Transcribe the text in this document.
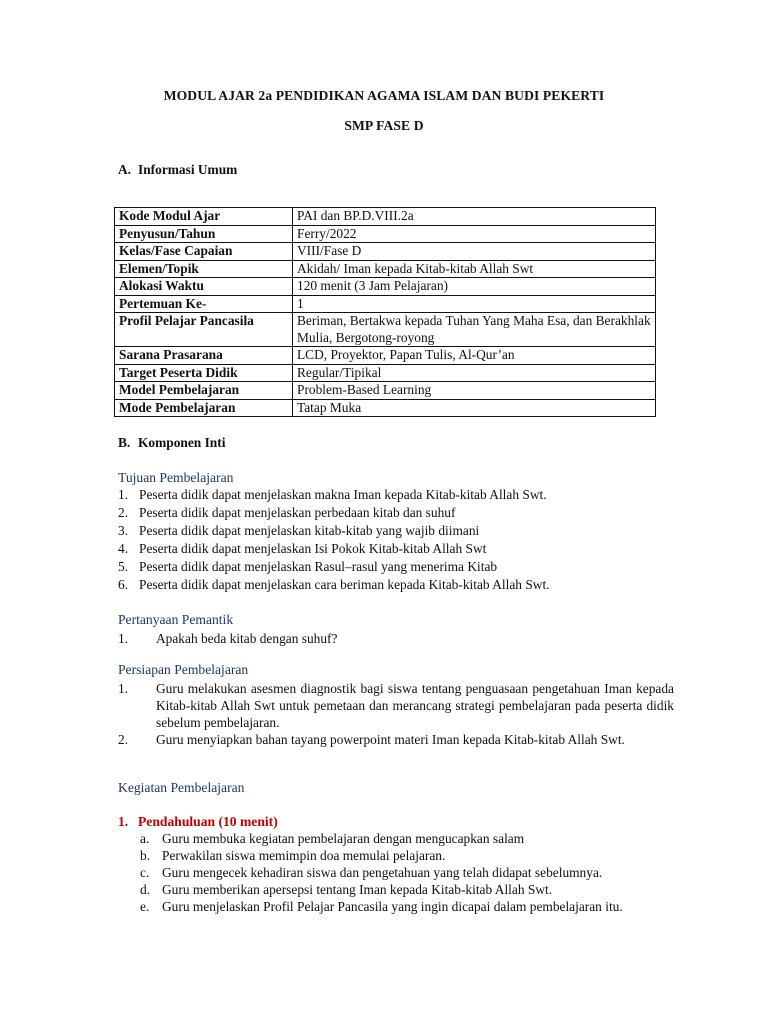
MODUL AJAR 2a PENDIDIKAN AGAMA ISLAM DAN BUDI PEKERTI
SMP FASE D
A. Informasi Umum
Kode Modul Ajar	PAI dan BP.D.VIII.2a
Penyusun/Tahun	Ferry/2022
Kelas/Fase Capaian	VIII/Fase D
Elemen/Topik	Akidah/ Iman kepada Kitab-kitab Allah Swt
Alokasi Waktu	120 menit (3 Jam Pelajaran)
Pertemuan Ke-	1
Profil Pelajar Pancasila	Beriman, Bertakwa kepada Tuhan Yang Maha Esa, dan Berakhlak Mulia, Bergotong-royong
Sarana Prasarana	LCD, Proyektor, Papan Tulis, Al-Qur’an
Target Peserta Didik	Regular/Tipikal
Model Pembelajaran	Problem-Based Learning
Mode Pembelajaran	Tatap Muka
B. Komponen Inti
Tujuan Pembelajaran
1. Peserta didik dapat menjelaskan makna Iman kepada Kitab-kitab Allah Swt.
2. Peserta didik dapat menjelaskan perbedaan kitab dan suhuf
3. Peserta didik dapat menjelaskan kitab-kitab yang wajib diimani
4. Peserta didik dapat menjelaskan Isi Pokok Kitab-kitab Allah Swt
5. Peserta didik dapat menjelaskan Rasul–rasul yang menerima Kitab
6. Peserta didik dapat menjelaskan cara beriman kepada Kitab-kitab Allah Swt.
Pertanyaan Pemantik
1. Apakah beda kitab dengan suhuf?
Persiapan Pembelajaran
1. Guru melakukan asesmen diagnostik bagi siswa tentang penguasaan pengetahuan Iman kepada Kitab-kitab Allah Swt untuk pemetaan dan merancang strategi pembelajaran pada peserta didik sebelum pembelajaran.
2. Guru menyiapkan bahan tayang powerpoint materi Iman kepada Kitab-kitab Allah Swt.
Kegiatan Pembelajaran
1. Pendahuluan (10 menit)
a. Guru membuka kegiatan pembelajaran dengan mengucapkan salam
b. Perwakilan siswa memimpin doa memulai pelajaran.
c. Guru mengecek kehadiran siswa dan pengetahuan yang telah didapat sebelumnya.
d. Guru memberikan apersepsi tentang Iman kepada Kitab-kitab Allah Swt.
e. Guru menjelaskan Profil Pelajar Pancasila yang ingin dicapai dalam pembelajaran itu.
